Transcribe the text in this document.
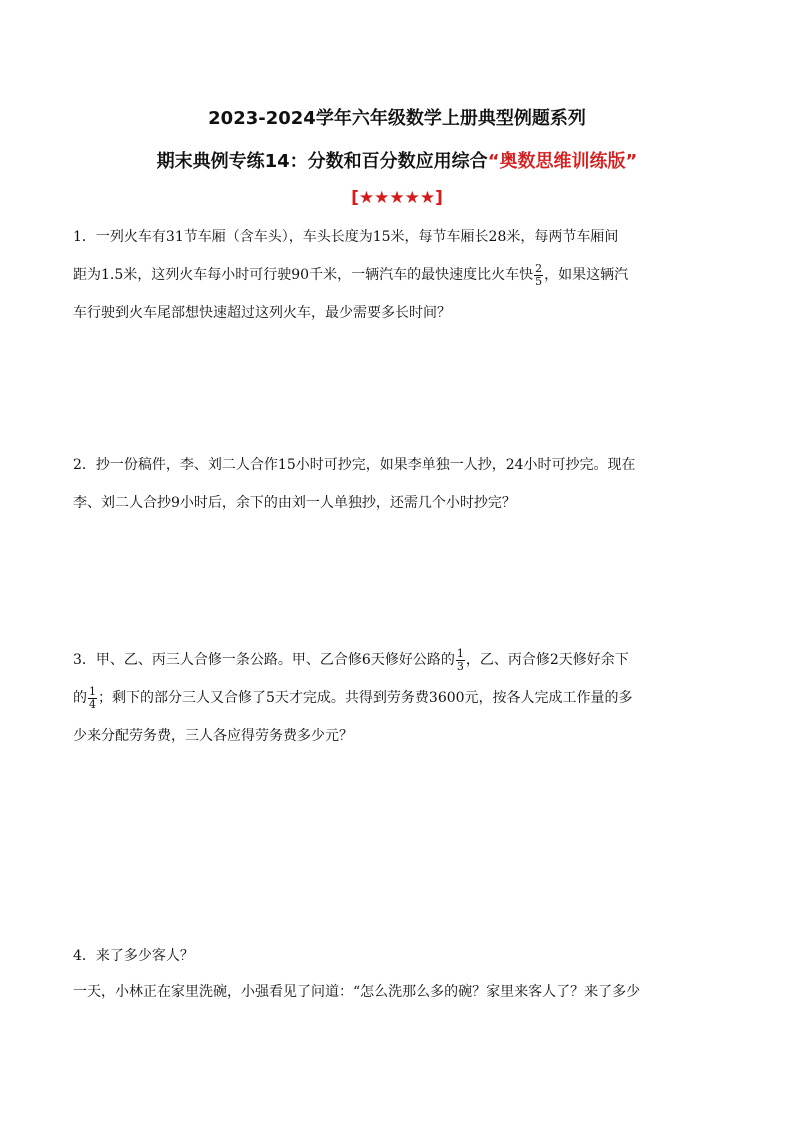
2023-2024学年六年级数学上册典型例题系列
期末典例专练14：分数和百分数应用综合“奥数思维训练版”
[★★★★★]
1．一列火车有31节车厢（含车头），车头长度为15米，每节车厢长28米，每两节车厢间
距为1.5米，这列火车每小时可行驶90千米，一辆汽车的最快速度比火车快 $\frac{2}{5}$ ，如果这辆汽
车行驶到火车尾部想快速超过这列火车，最少需要多长时间？
2．抄一份稿件，李、刘二人合作15小时可抄完，如果李单独一人抄，24小时可抄完。现在
李、刘二人合抄9小时后，余下的由刘一人单独抄，还需几个小时抄完？
3．甲、乙、丙三人合修一条公路。甲、乙合修6天修好公路的 $\frac{1}{3}$ ，乙、丙合修2天修好余下
的 $\frac{1}{4}$ ；剩下的部分三人又合修了5天才完成。共得到劳务费3600元，按各人完成工作量的多
少来分配劳务费，三人各应得劳务费多少元？
4．来了多少客人？
一天，小林正在家里洗碗，小强看见了问道：“怎么洗那么多的碗？家里来客人了？来了多少
